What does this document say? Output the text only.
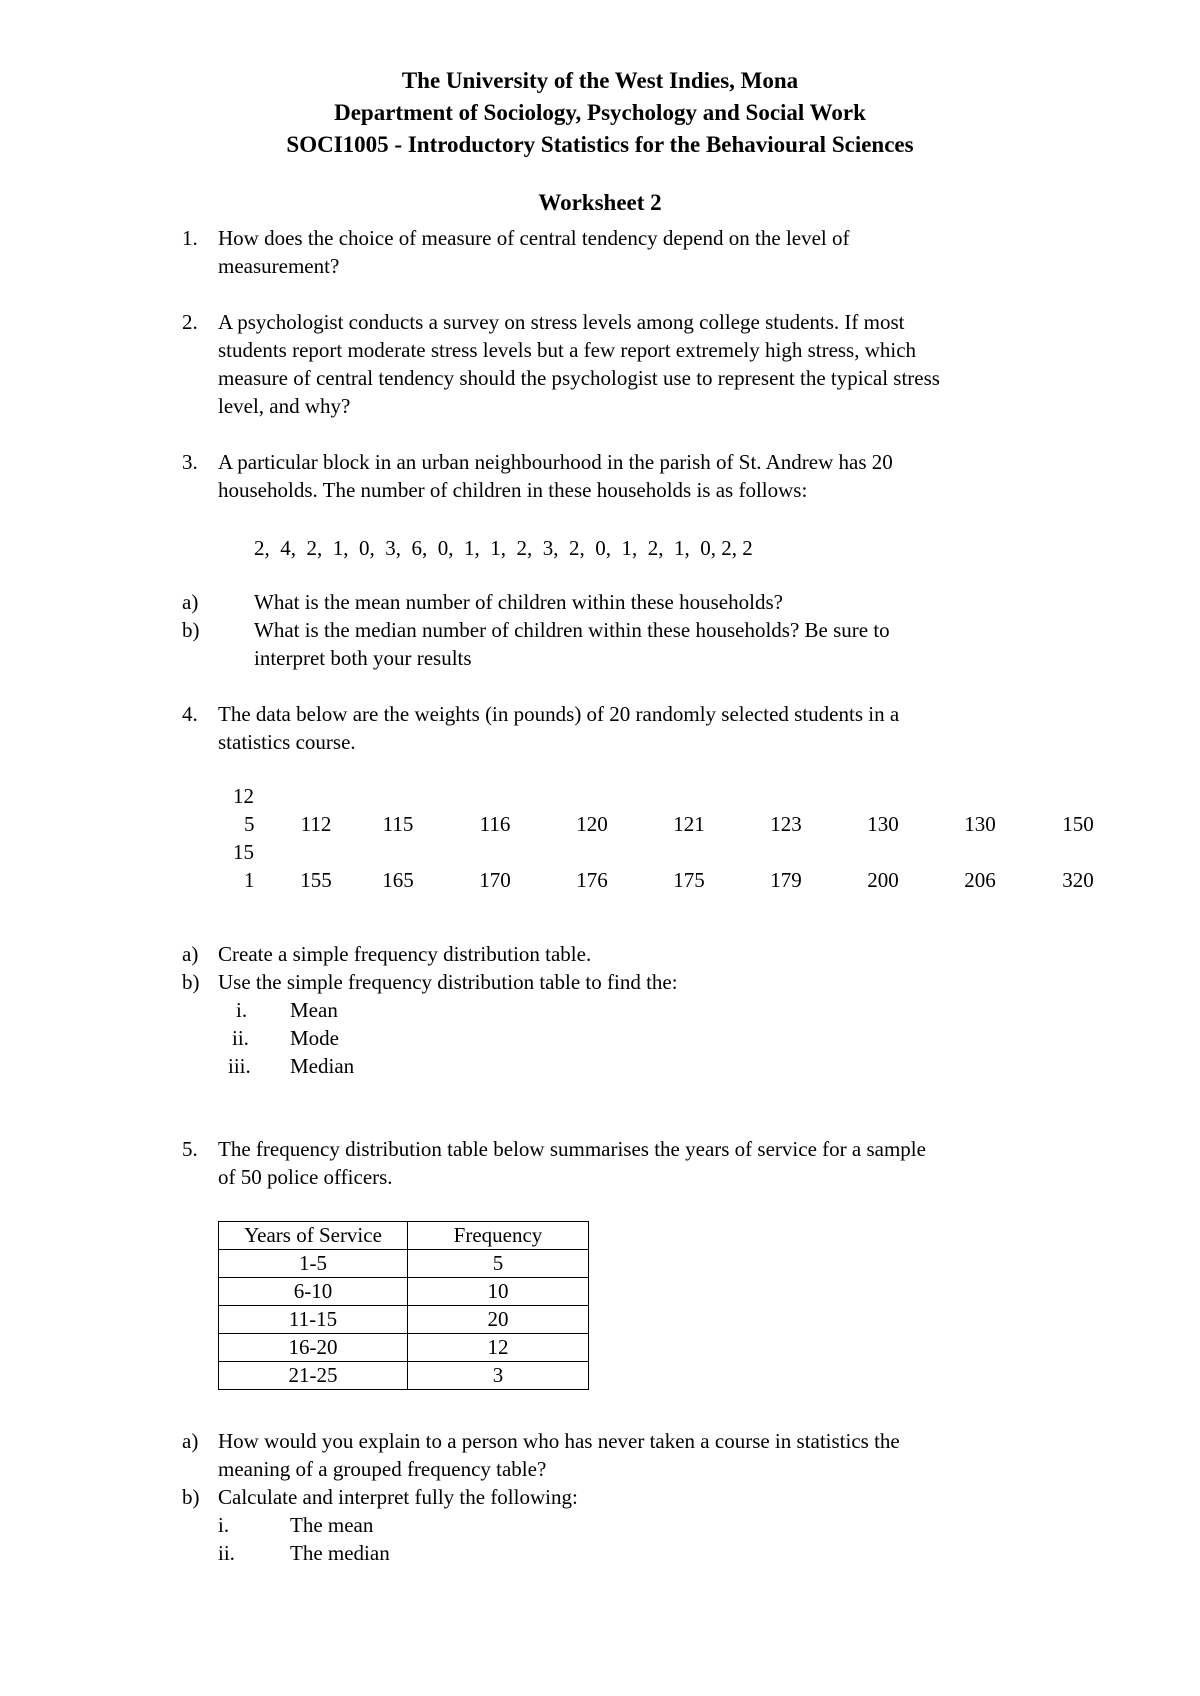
The University of the West Indies, Mona
Department of Sociology, Psychology and Social Work
SOCI1005 - Introductory Statistics for the Behavioural Sciences
Worksheet 2
1. How does the choice of measure of central tendency depend on the level of
measurement?
2. A psychologist conducts a survey on stress levels among college students. If most
students report moderate stress levels but a few report extremely high stress, which
measure of central tendency should the psychologist use to represent the typical stress
level, and why?
3. A particular block in an urban neighbourhood in the parish of St. Andrew has 20
households. The number of children in these households is as follows:
2,  4,  2,  1,  0,  3,  6,  0,  1,  1,  2,  3,  2,  0,  1,  2,  1,  0, 2, 2
a)	What is the mean number of children within these households?
b)	What is the median number of children within these households? Be sure to
interpret both your results
4. The data below are the weights (in pounds) of 20 randomly selected students in a
statistics course.
12
5	112	115	116	120	121	123	130	130	150
15
1	155	165	170	176	175	179	200	206	320
a) Create a simple frequency distribution table.
b) Use the simple frequency distribution table to find the:
i. Mean
ii. Mode
iii. Median
5. The frequency distribution table below summarises the years of service for a sample
of 50 police officers.
Years of Service	Frequency
1-5	5
6-10	10
11-15	20
16-20	12
21-25	3
a) How would you explain to a person who has never taken a course in statistics the
meaning of a grouped frequency table?
b) Calculate and interpret fully the following:
i.	The mean
ii.	The median
